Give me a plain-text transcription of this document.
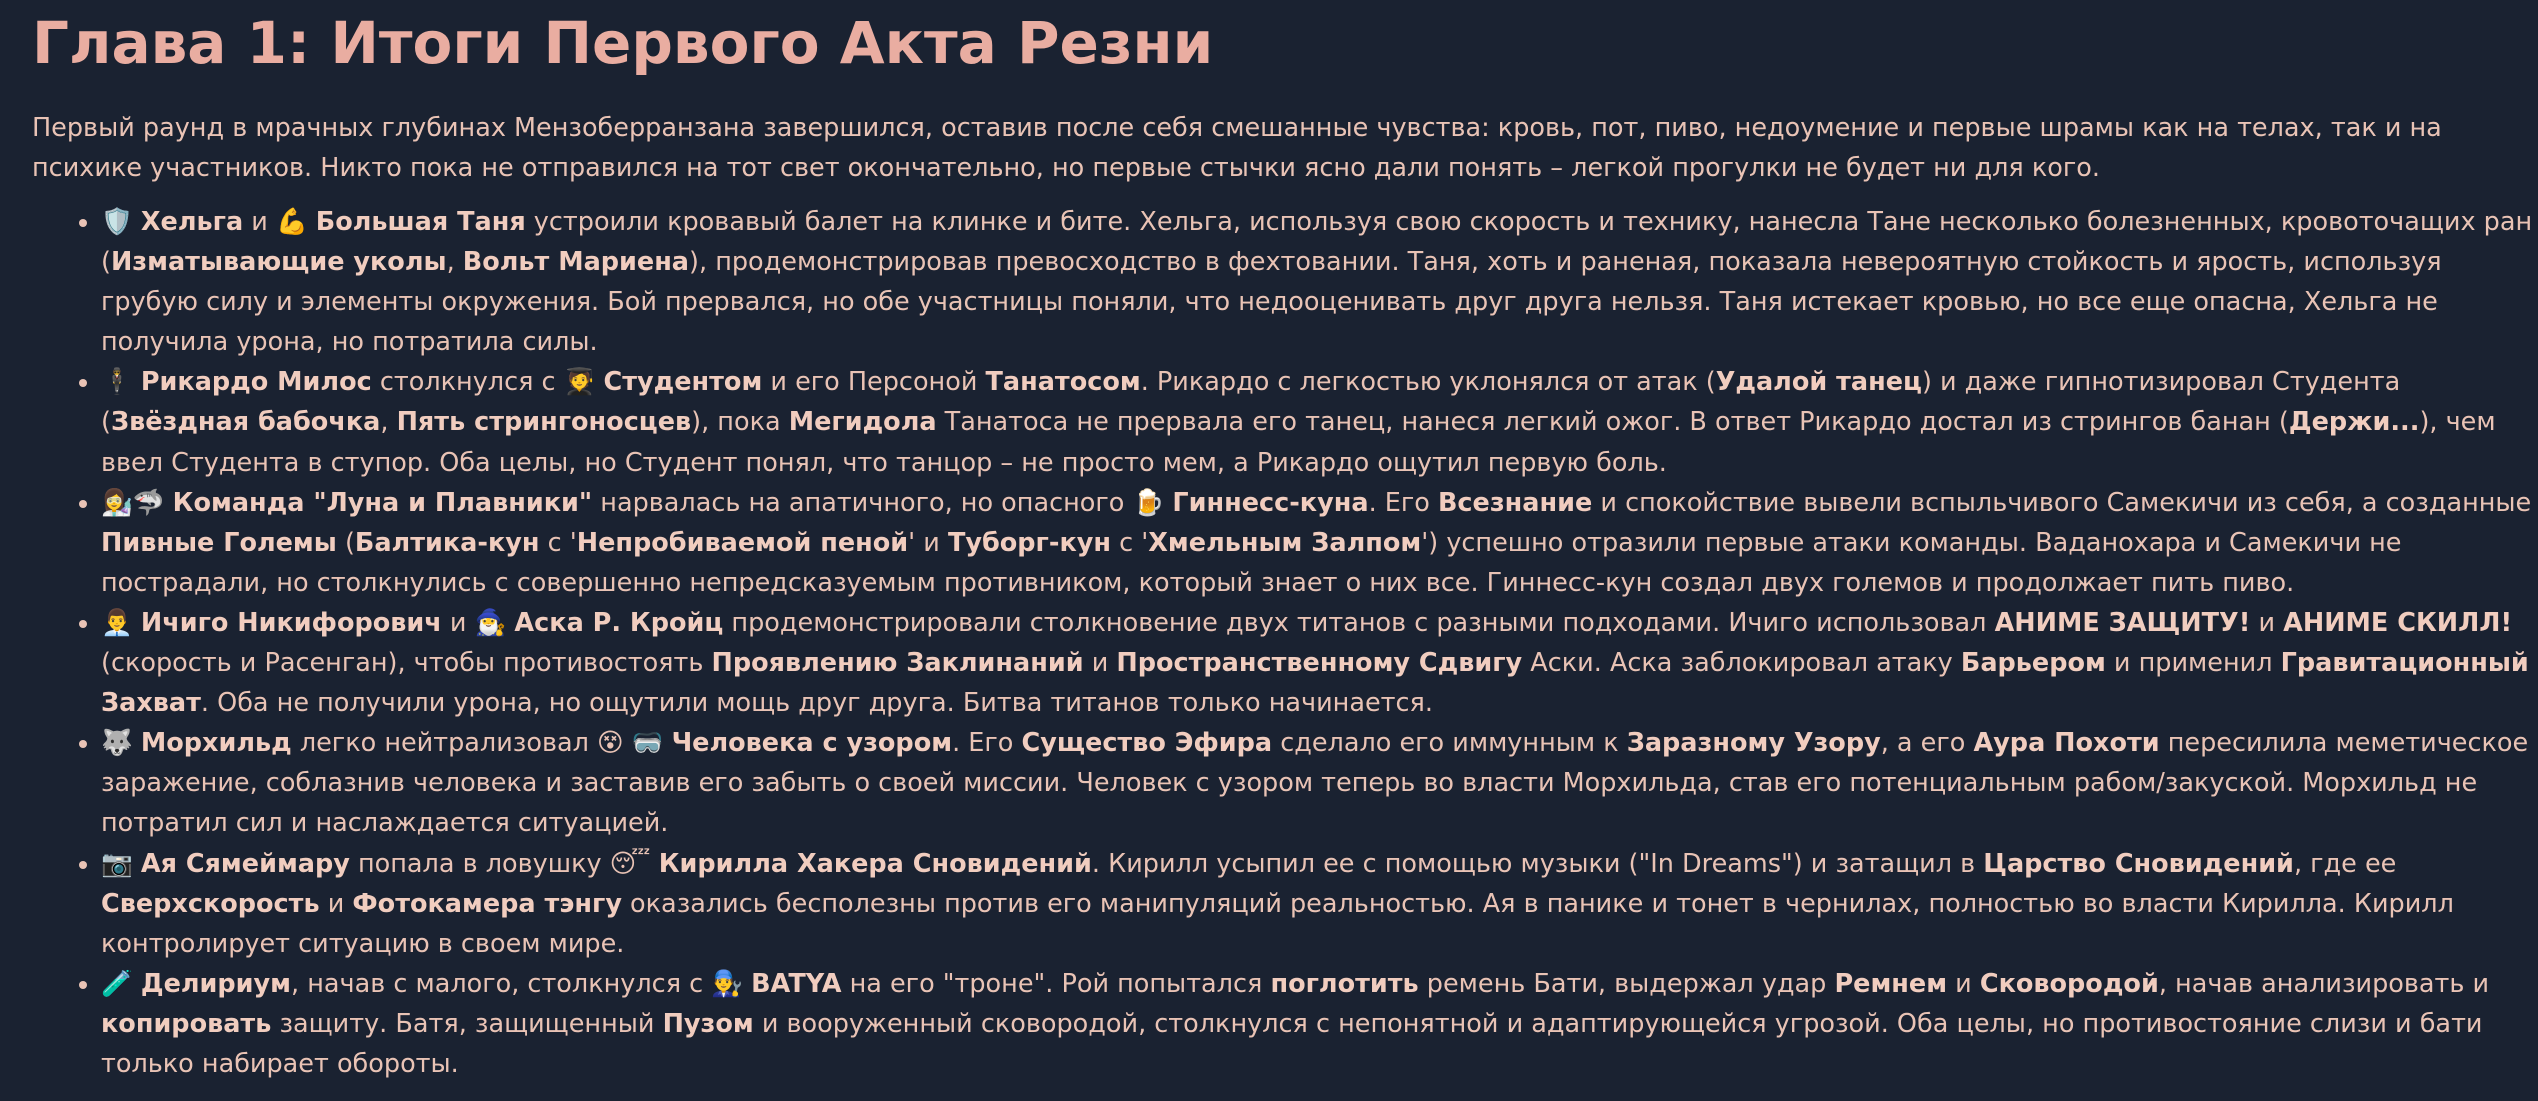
Глава 1: Итоги Первого Акта Резни

Первый раунд в мрачных глубинах Мензоберранзана завершился, оставив после себя смешанные чувства: кровь, пот, пиво, недоумение и первые шрамы как на телах, так и на психике участников. Никто пока не отправился на тот свет окончательно, но первые стычки ясно дали понять – легкой прогулки не будет ни для кого.

• 🛡️ Хельга и 💪 Большая Таня устроили кровавый балет на клинке и бите. Хельга, используя свою скорость и технику, нанесла Тане несколько болезненных, кровоточащих ран (Изматывающие уколы, Вольт Мариена), продемонстрировав превосходство в фехтовании. Таня, хоть и раненая, показала невероятную стойкость и ярость, используя грубую силу и элементы окружения. Бой прервался, но обе участницы поняли, что недооценивать друг друга нельзя. Таня истекает кровью, но все еще опасна, Хельга не получила урона, но потратила силы.
• 🕴️ Рикардо Милос столкнулся с 🧑‍🎓 Студентом и его Персоной Танатосом. Рикардо с легкостью уклонялся от атак (Удалой танец) и даже гипнотизировал Студента (Звёздная бабочка, Пять стрингоносцев), пока Мегидола Танатоса не прервала его танец, нанеся легкий ожог. В ответ Рикардо достал из стрингов банан (Держи...), чем ввел Студента в ступор. Оба целы, но Студент понял, что танцор – не просто мем, а Рикардо ощутил первую боль.
• 👩‍🔬🦈 Команда "Луна и Плавники" нарвалась на апатичного, но опасного 🍺 Гиннесс-куна. Его Всезнание и спокойствие вывели вспыльчивого Самекичи из себя, а созданные Пивные Големы (Балтика-кун с 'Непробиваемой пеной' и Туборг-кун с 'Хмельным Залпом') успешно отразили первые атаки команды. Ваданохара и Самекичи не пострадали, но столкнулись с совершенно непредсказуемым противником, который знает о них все. Гиннесс-кун создал двух големов и продолжает пить пиво.
• 👨‍💼 Ичиго Никифорович и 🧙‍♂️ Аска Р. Кройц продемонстрировали столкновение двух титанов с разными подходами. Ичиго использовал АНИМЕ ЗАЩИТУ! и АНИМЕ СКИЛЛ! (скорость и Расенган), чтобы противостоять Проявлению Заклинаний и Пространственному Сдвигу Аски. Аска заблокировал атаку Барьером и применил Гравитационный Захват. Оба не получили урона, но ощутили мощь друг друга. Битва титанов только начинается.
• 🐺 Морхильд легко нейтрализовал 😵 🥽 Человека с узором. Его Существо Эфира сделало его иммунным к Заразному Узору, а его Аура Похоти пересилила меметическое заражение, соблазнив человека и заставив его забыть о своей миссии. Человек с узором теперь во власти Морхильда, став его потенциальным рабом/закуской. Морхильд не потратил сил и наслаждается ситуацией.
• 📷 Ая Сямеймару попала в ловушку 😴 Кирилла Хакера Сновидений. Кирилл усыпил ее с помощью музыки ("In Dreams") и затащил в Царство Сновидений, где ее Сверхскорость и Фотокамера тэнгу оказались бесполезны против его манипуляций реальностью. Ая в панике и тонет в чернилах, полностью во власти Кирилла. Кирилл контролирует ситуацию в своем мире.
• 🧪 Делириум, начав с малого, столкнулся с 👨‍🔧 BATYA на его "троне". Рой попытался поглотить ремень Бати, выдержал удар Ремнем и Сковородой, начав анализировать и копировать защиту. Батя, защищенный Пузом и вооруженный сковородой, столкнулся с непонятной и адаптирующейся угрозой. Оба целы, но противостояние слизи и бати только набирает обороты.
